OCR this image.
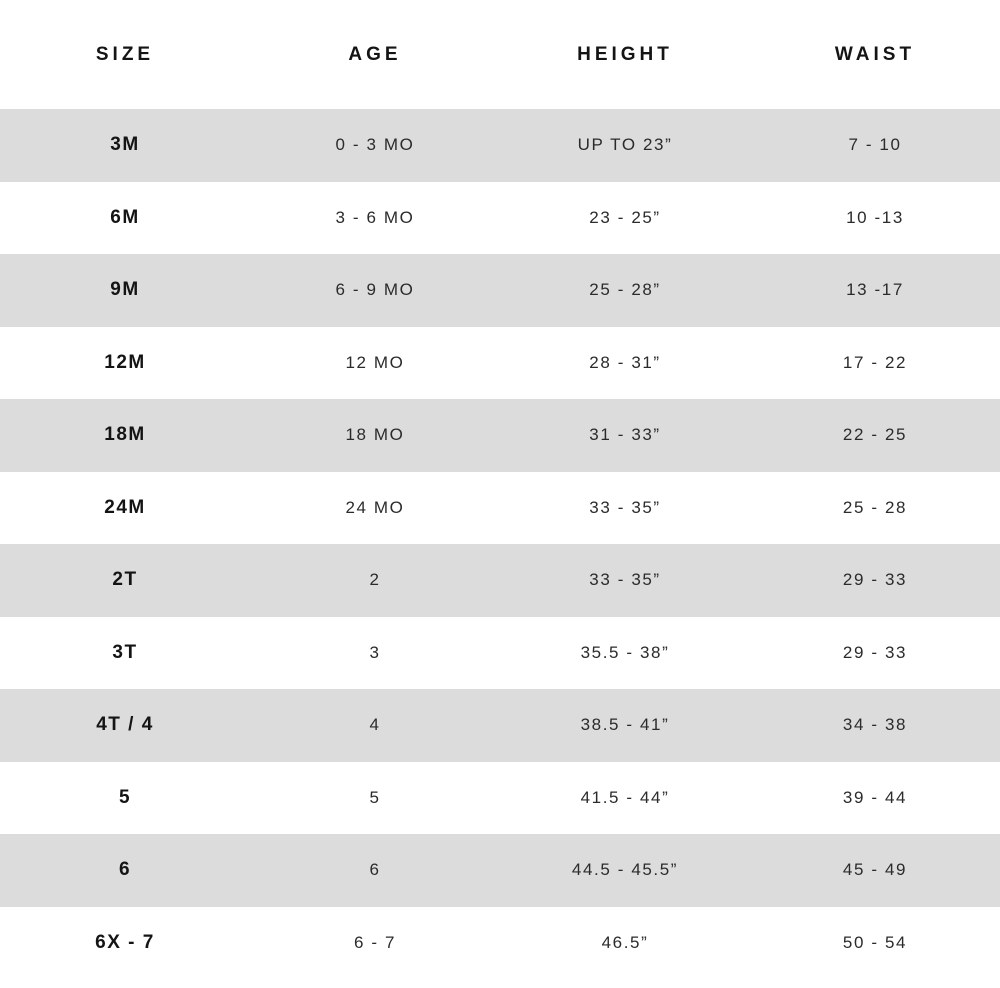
SIZE	AGE	HEIGHT	WAIST
3M	0 - 3 MO	UP TO 23”	7 - 10
6M	3 - 6 MO	23 - 25”	10 -13
9M	6 - 9 MO	25 - 28”	13 -17
12M	12 MO	28 - 31”	17 - 22
18M	18 MO	31 - 33”	22 - 25
24M	24 MO	33 - 35”	25 - 28
2T	2	33 - 35”	29 - 33
3T	3	35.5 - 38”	29 - 33
4T / 4	4	38.5 - 41”	34 - 38
5	5	41.5 - 44”	39 - 44
6	6	44.5 - 45.5”	45 - 49
6X - 7	6 - 7	46.5”	50 - 54
